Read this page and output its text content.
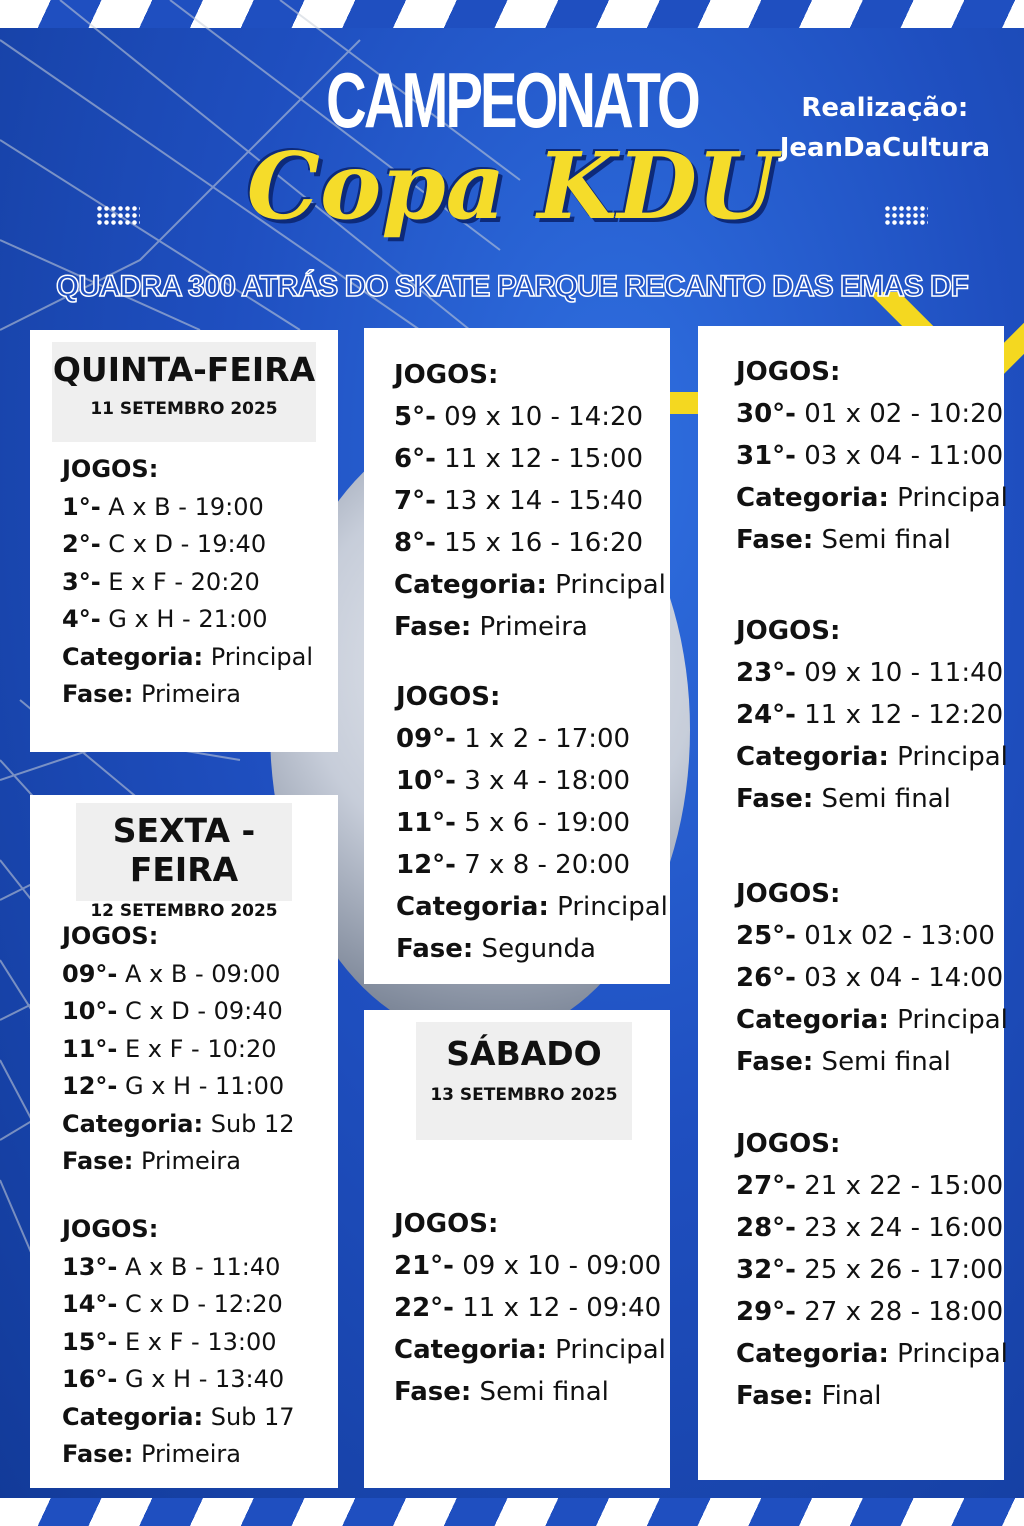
CAMPEONATO
Copa KDU
Realização:
JeanDaCultura
QUADRA 300 ATRÁS DO SKATE PARQUE RECANTO DAS EMAS DF
QUINTA-FEIRA
11 SETEMBRO 2025
JOGOS:
1°- A x B - 19:00
2°- C x D - 19:40
3°- E x F - 20:20
4°- G x H - 21:00
Categoria: Principal
Fase: Primeira
SEXTA - FEIRA
12 SETEMBRO 2025
JOGOS:
09°- A x B - 09:00
10°- C x D - 09:40
11°- E x F - 10:20
12°- G x H - 11:00
Categoria: Sub 12
Fase: Primeira
JOGOS:
13°- A x B - 11:40
14°- C x D - 12:20
15°- E x F - 13:00
16°- G x H - 13:40
Categoria: Sub 17
Fase: Primeira
JOGOS:
5°- 09 x 10 - 14:20
6°- 11 x 12 - 15:00
7°- 13 x 14 - 15:40
8°- 15 x 16 - 16:20
Categoria: Principal
Fase: Primeira
JOGOS:
09°- 1 x 2 - 17:00
10°- 3 x 4 - 18:00
11°- 5 x 6 - 19:00
12°- 7 x 8 - 20:00
Categoria: Principal
Fase: Segunda
SÁBADO
13 SETEMBRO 2025
JOGOS:
21°- 09 x 10 - 09:00
22°- 11 x 12 - 09:40
Categoria: Principal
Fase: Semi final
JOGOS:
30°- 01 x 02 - 10:20
31°- 03 x 04 - 11:00
Categoria: Principal
Fase: Semi final
JOGOS:
23°- 09 x 10 - 11:40
24°- 11 x 12 - 12:20
Categoria: Principal
Fase: Semi final
JOGOS:
25°- 01x 02 - 13:00
26°- 03 x 04 - 14:00
Categoria: Principal
Fase: Semi final
JOGOS:
27°- 21 x 22 - 15:00
28°- 23 x 24 - 16:00
32°- 25 x 26 - 17:00
29°- 27 x 28 - 18:00
Categoria: Principal
Fase: Final
